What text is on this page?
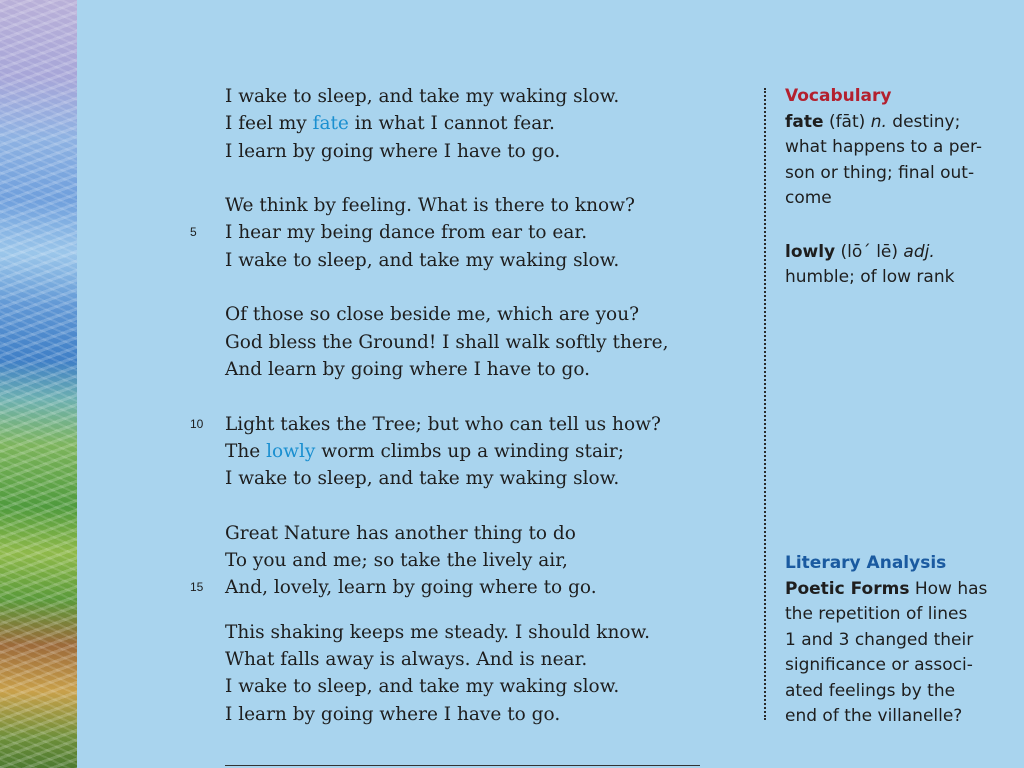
I wake to sleep, and take my waking slow.
I feel my fate in what I cannot fear.
I learn by going where I have to go.
We think by feeling. What is there to know?
5	I hear my being dance from ear to ear.
I wake to sleep, and take my waking slow.
Of those so close beside me, which are you?
God bless the Ground! I shall walk softly there,
And learn by going where I have to go.
10	Light takes the Tree; but who can tell us how?
The lowly worm climbs up a winding stair;
I wake to sleep, and take my waking slow.
Great Nature has another thing to do
To you and me; so take the lively air,
15	And, lovely, learn by going where to go.
This shaking keeps me steady. I should know.
What falls away is always. And is near.
I wake to sleep, and take my waking slow.
I learn by going where I have to go.
Vocabulary
fate (fāt) n. destiny;
what happens to a per-
son or thing; final out-
come
lowly (lō´ lē) adj.
humble; of low rank
Literary Analysis
Poetic Forms How has
the repetition of lines
1 and 3 changed their
significance or associ-
ated feelings by the
end of the villanelle?
